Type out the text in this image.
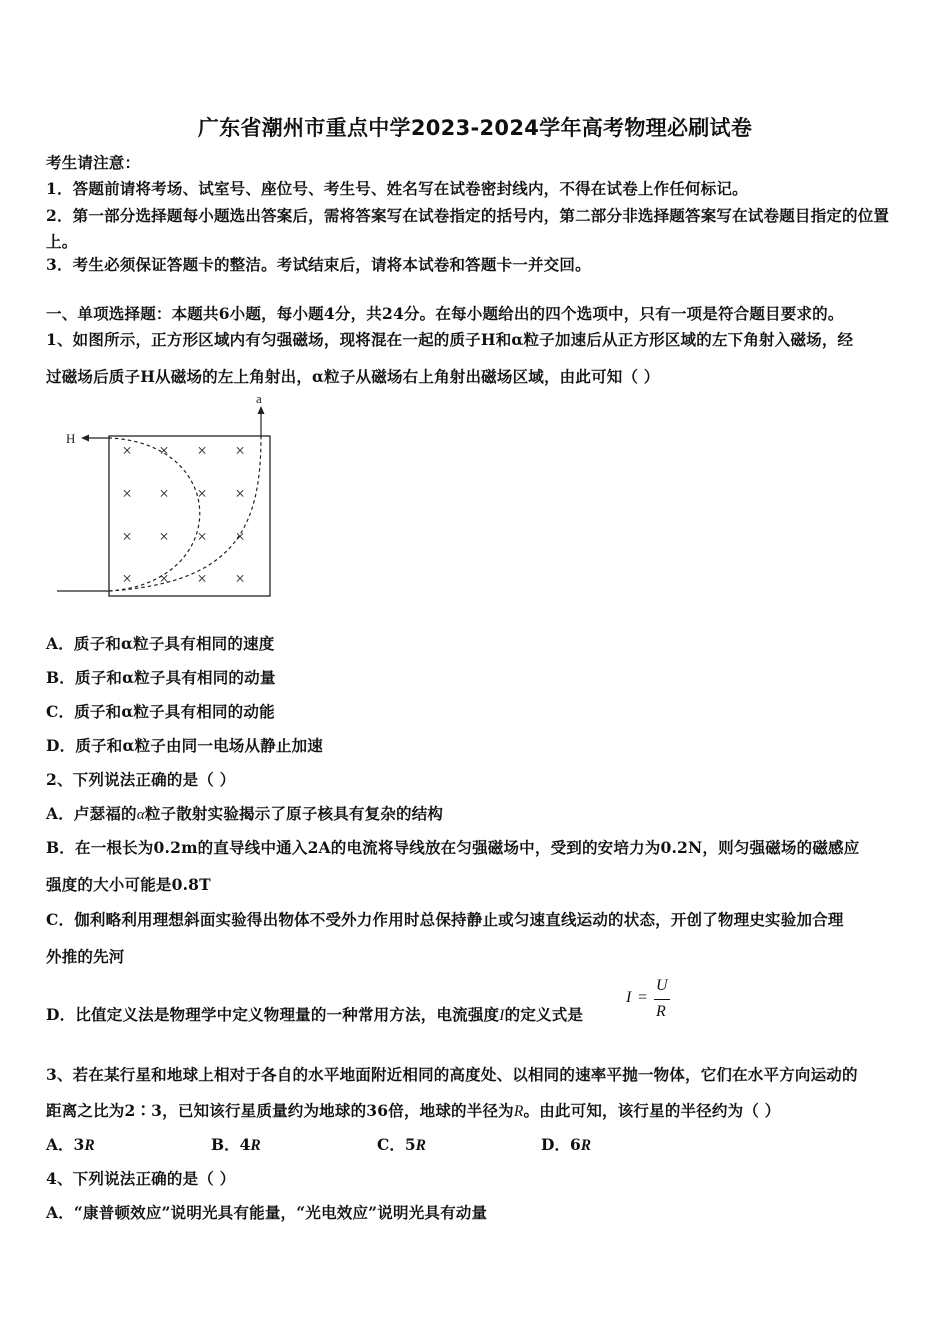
广东省潮州市重点中学2023-2024学年高考物理必刷试卷
考生请注意：
1．答题前请将考场、试室号、座位号、考生号、姓名写在试卷密封线内，不得在试卷上作任何标记。
2．第一部分选择题每小题选出答案后，需将答案写在试卷指定的括号内，第二部分非选择题答案写在试卷题目指定的位置上。
3．考生必须保证答题卡的整洁。考试结束后，请将本试卷和答题卡一并交回。
一、单项选择题：本题共6小题，每小题4分，共24分。在每小题给出的四个选项中，只有一项是符合题目要求的。
1、如图所示，正方形区域内有匀强磁场，现将混在一起的质子H和α粒子加速后从正方形区域的左下角射入磁场，经
过磁场后质子H从磁场的左上角射出，α粒子从磁场右上角射出磁场区域，由此可知（ ）
H
a
× × × ×
× × × ×
× × × ×
× × × ×
A．质子和α粒子具有相同的速度
B．质子和α粒子具有相同的动量
C．质子和α粒子具有相同的动能
D．质子和α粒子由同一电场从静止加速
2、下列说法正确的是（ ）
A．卢瑟福的α粒子散射实验揭示了原子核具有复杂的结构
B．在一根长为0.2m的直导线中通入2A的电流将导线放在匀强磁场中，受到的安培力为0.2N，则匀强磁场的磁感应
强度的大小可能是0.8T
C．伽利略利用理想斜面实验得出物体不受外力作用时总保持静止或匀速直线运动的状态，开创了物理史实验加合理
外推的先河
D．比值定义法是物理学中定义物理量的一种常用方法，电流强度I的定义式是
I =
U
R
3、若在某行星和地球上相对于各自的水平地面附近相同的高度处、以相同的速率平抛一物体，它们在水平方向运动的
距离之比为2∶3，已知该行星质量约为地球的36倍，地球的半径为R。由此可知，该行星的半径约为（ ）
A．3R	B．4R	C．5R	D．6R
4、下列说法正确的是（ ）
A．“康普顿效应”说明光具有能量，“光电效应”说明光具有动量
